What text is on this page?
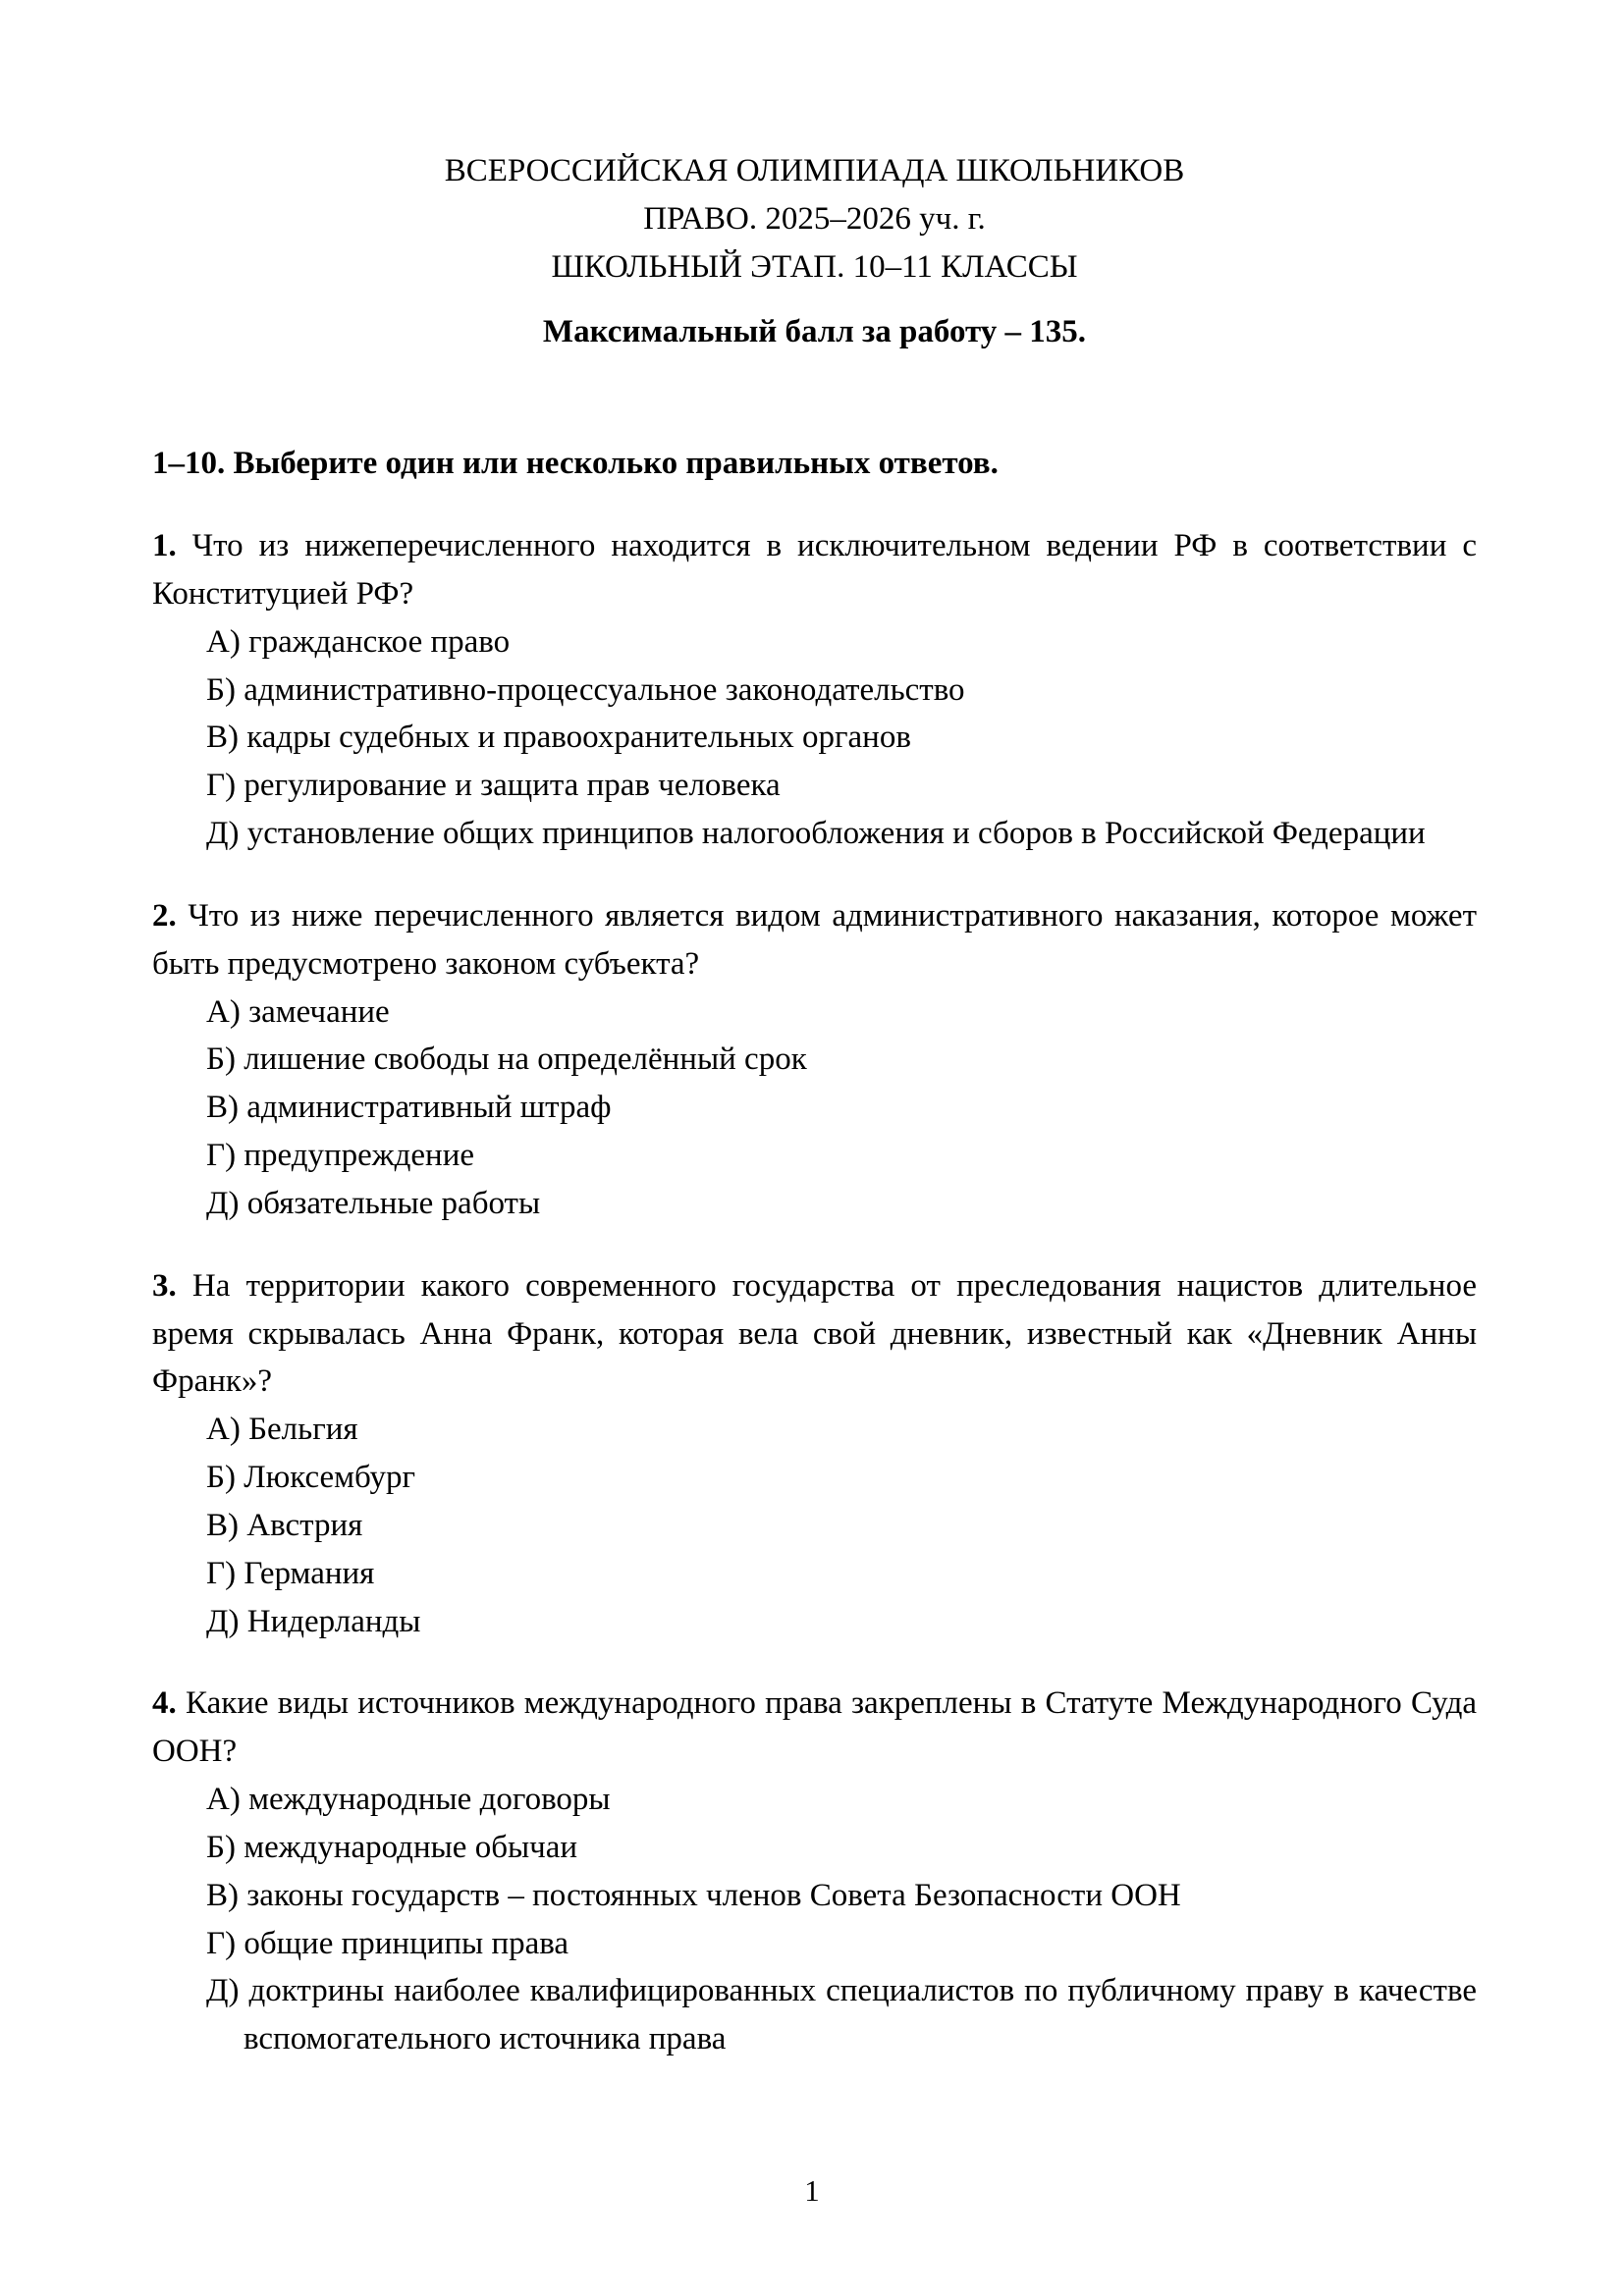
ВСЕРОССИЙСКАЯ ОЛИМПИАДА ШКОЛЬНИКОВ
ПРАВО. 2025–2026 уч. г.
ШКОЛЬНЫЙ ЭТАП. 10–11 КЛАССЫ

Максимальный балл за работу – 135.

1–10. Выберите один или несколько правильных ответов.

1. Что из нижеперечисленного находится в исключительном ведении РФ в соответствии с Конституцией РФ?

А) гражданское право

Б) административно-процессуальное законодательство

В) кадры судебных и правоохранительных органов

Г) регулирование и защита прав человека

Д) установление общих принципов налогообложения и сборов в Российской Федерации

2. Что из ниже перечисленного является видом административного наказания, которое может быть предусмотрено законом субъекта?

А) замечание

Б) лишение свободы на определённый срок

В) административный штраф

Г) предупреждение

Д) обязательные работы

3. На территории какого современного государства от преследования нацистов длительное время скрывалась Анна Франк, которая вела свой дневник, известный как «Дневник Анны Франк»?

А) Бельгия

Б) Люксембург

В) Австрия

Г) Германия

Д) Нидерланды

4. Какие виды источников международного права закреплены в Статуте Международного Суда ООН?

А) международные договоры

Б) международные обычаи

В) законы государств – постоянных членов Совета Безопасности ООН

Г) общие принципы права

Д) доктрины наиболее квалифицированных специалистов по публичному праву в качестве вспомогательного источника права

1
